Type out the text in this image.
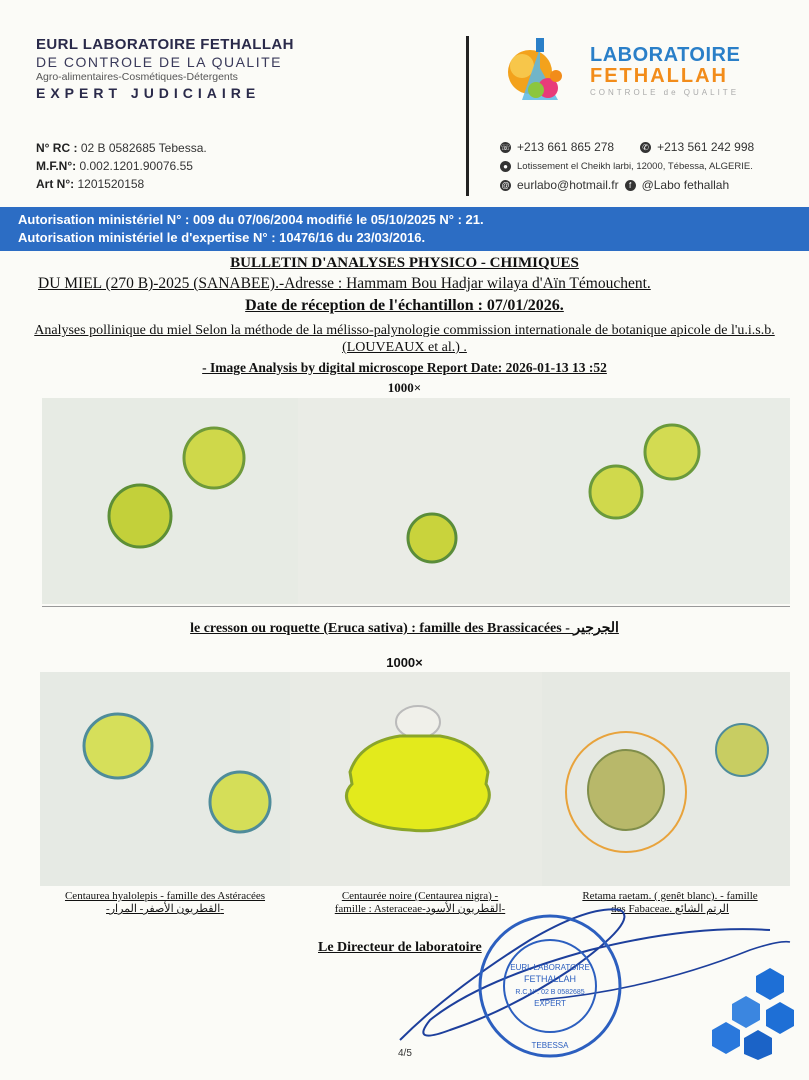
EURL LABORATOIRE FETHALLAH
DE CONTROLE DE LA QUALITE
Agro-alimentaires-Cosmétiques-Détergents
EXPERT JUDICIAIRE
N° RC : 02 B 0582685 Tebessa.
M.F.N°: 0.002.1201.90076.55
Art N°: 1201520158
LABORATOIRE
FETHALLAH
CONTROLE de QUALITE
☏ +213 661 865 278	✆ +213 561 242 998
● Lotissement el Cheikh larbi, 12000, Tébessa, ALGERIE.
@ eurlabo@hotmail.fr	f @Labo fethallah
Autorisation ministériel N° : 009 du 07/06/2004 modifié le 05/10/2025 N° : 21.
Autorisation ministériel le d'expertise N° : 10476/16 du 23/03/2016.
BULLETIN D'ANALYSES PHYSICO - CHIMIQUES
DU MIEL (270 B)-2025 (SANABEE).-Adresse : Hammam Bou Hadjar wilaya d'Aïn Témouchent.
Date de réception de l'échantillon : 07/01/2026.
Analyses pollinique du miel Selon la méthode de la mélisso-palynologie commission internationale de botanique apicole de l'u.i.s.b. (LOUVEAUX et al.) .
- Image Analysis by digital microscope Report Date: 2026-01-13 13 :52
1000×
le cresson ou roquette (Eruca sativa) : famille des Brassicacées - الجرجير
1000×
Centaurea hyalolepis - famille des Astéracées
-القطريون الأصفر- المرار-
Centaurée noire (Centaurea nigra) -
famille : Asteraceae-القطريون الأسود-
Retama raetam. ( genêt blanc). - famille
des Fabaceae. الرتم الشائع
Le Directeur de laboratoire
EURL LABORATOIRE
FETHALLAH
R.C.N°: 02 B 0582685
EXPERT
TEBESSA
4/5
